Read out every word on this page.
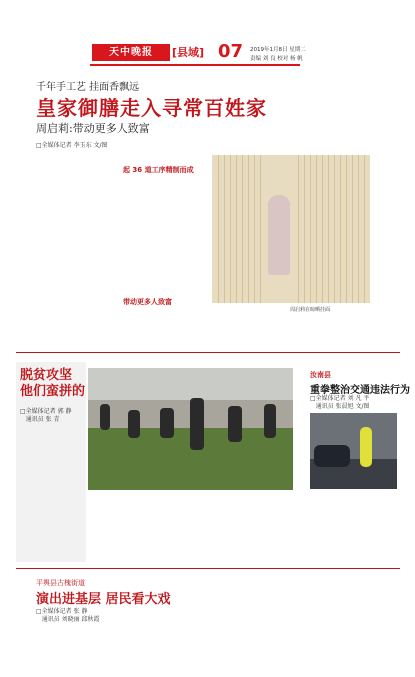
天中晚报	[县域] 07 2019年1月8日 星期二
责编 刘 良 校对 杨 帆
千年手工艺 挂面香飘远
皇家御膳走入寻常百姓家
周启莉:带动更多人致富
□全媒体记者 李玉东 文/图
起 36 道工序精制而成
带动更多人致富
周启莉在晾晒挂面
脱贫攻坚
他们蛮拼的
□全媒体记者 郭 静
通讯员 张 青
汝南县
重拳整治交通违法行为
□全媒体记者 刘 凡 平
通讯员 张晨旭 文/图
平舆县古槐街道
演出进基层 居民看大戏
□全媒体记者 张 静
通讯员 刘晓丽 邱秋霞
